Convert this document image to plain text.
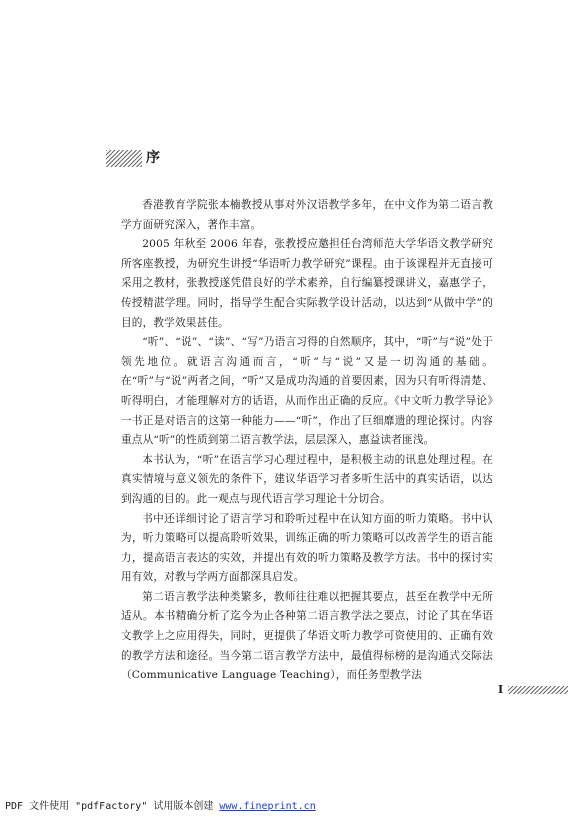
序

香港教育学院张本楠教授从事对外汉语教学多年，在中文作为第二语言教学方面研究深入，著作丰富。

2005 年秋至 2006 年春，张教授应邀担任台湾师范大学华语文教学研究所客座教授，为研究生讲授“华语听力教学研究”课程。由于该课程并无直接可采用之教材，张教授遂凭借良好的学术素养，自行编纂授课讲义，嘉惠学子，传授精湛学理。同时，指导学生配合实际教学设计活动，以达到“从做中学”的目的，教学效果甚佳。

“听”、“说”、“读”、“写”乃语言习得的自然顺序，其中，“听”与“说”处于领先地位。就语言沟通而言，“听”与“说”又是一切沟通的基础。在“听”与“说”两者之间，“听”又是成功沟通的首要因素，因为只有听得清楚、听得明白，才能理解对方的话语，从而作出正确的反应。《中文听力教学导论》一书正是对语言的这第一种能力——“听”，作出了巨细靡遗的理论探讨。内容重点从“听”的性质到第二语言教学法，层层深入，惠益读者匪浅。

本书认为，“听”在语言学习心理过程中，是积极主动的讯息处理过程。在真实情境与意义领先的条件下，建议华语学习者多听生活中的真实话语，以达到沟通的目的。此一观点与现代语言学习理论十分切合。

书中还详细讨论了语言学习和聆听过程中在认知方面的听力策略。书中认为，听力策略可以提高聆听效果，训练正确的听力策略可以改善学生的语言能力，提高语言表达的实效，并提出有效的听力策略及教学方法。书中的探讨实用有效，对教与学两方面都深具启发。

第二语言教学法种类繁多，教师往往难以把握其要点，甚至在教学中无所适从。本书精确分析了迄今为止各种第二语言教学法之要点，讨论了其在华语文教学上之应用得失，同时，更提供了华语文听力教学可资使用的、正确有效的教学方法和途径。当今第二语言教学方法中，最值得标榜的是沟通式交际法（Communicative Language Teaching），而任务型教学法

I
PDF 文件使用 "pdfFactory" 试用版本创建 www.fineprint.cn
